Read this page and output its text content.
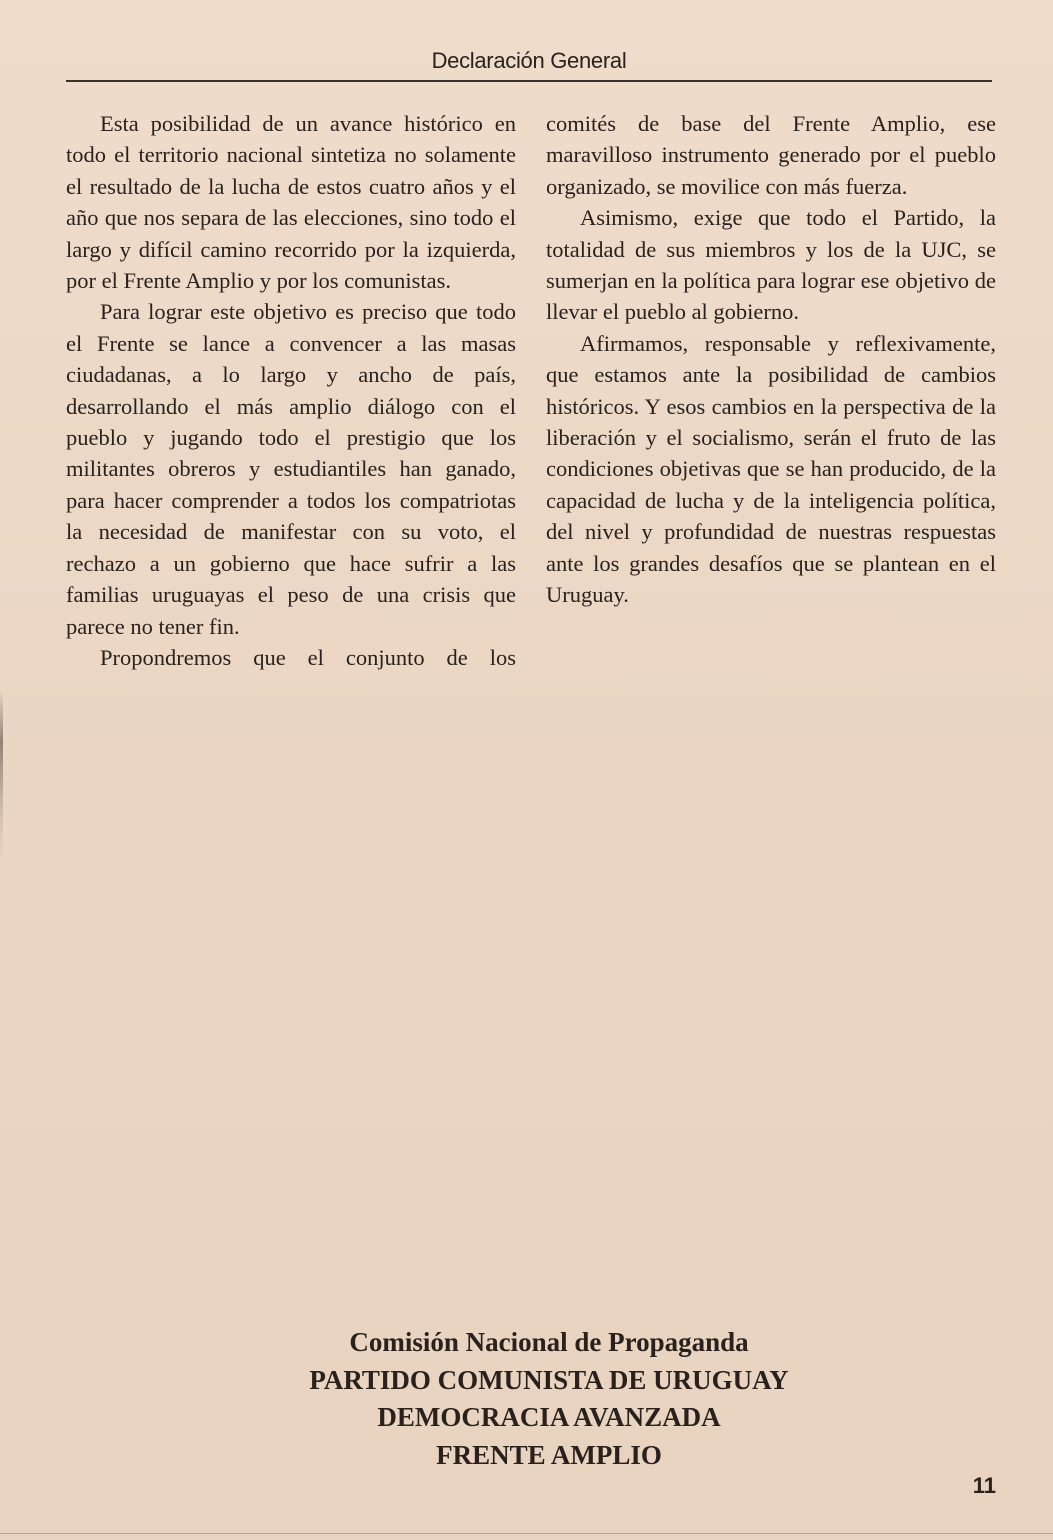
Declaración General

Esta posibilidad de un avance histórico en todo el territorio nacional sintetiza no solamente el resultado de la lucha de estos cuatro años y el año que nos separa de las elecciones, sino todo el largo y difícil camino recorrido por la izquierda, por el Frente Amplio y por los comunistas.

Para lograr este objetivo es preciso que todo el Frente se lance a convencer a las masas ciudadanas, a lo largo y ancho de país, desarrollando el más amplio diálogo con el pueblo y jugando todo el prestigio que los militantes obreros y estudiantiles han ganado, para hacer comprender a todos los compatriotas la necesidad de manifestar con su voto, el rechazo a un gobierno que hace sufrir a las familias uruguayas el peso de una crisis que parece no tener fin.

Propondremos que el conjunto de los

comités de base del Frente Amplio, ese maravilloso instrumento generado por el pueblo organizado, se movilice con más fuerza.

Asimismo, exige que todo el Partido, la totalidad de sus miembros y los de la UJC, se sumerjan en la política para lograr ese objetivo de llevar el pueblo al gobierno.

Afirmamos, responsable y reflexivamente, que estamos ante la posibilidad de cambios históricos. Y esos cambios en la perspectiva de la liberación y el socialismo, serán el fruto de las condiciones objetivas que se han producido, de la capacidad de lucha y de la inteligencia política, del nivel y profundidad de nuestras respuestas ante los grandes desafíos que se plantean en el Uruguay.

Comisión Nacional de Propaganda
PARTIDO COMUNISTA DE URUGUAY
DEMOCRACIA AVANZADA
FRENTE AMPLIO
11
